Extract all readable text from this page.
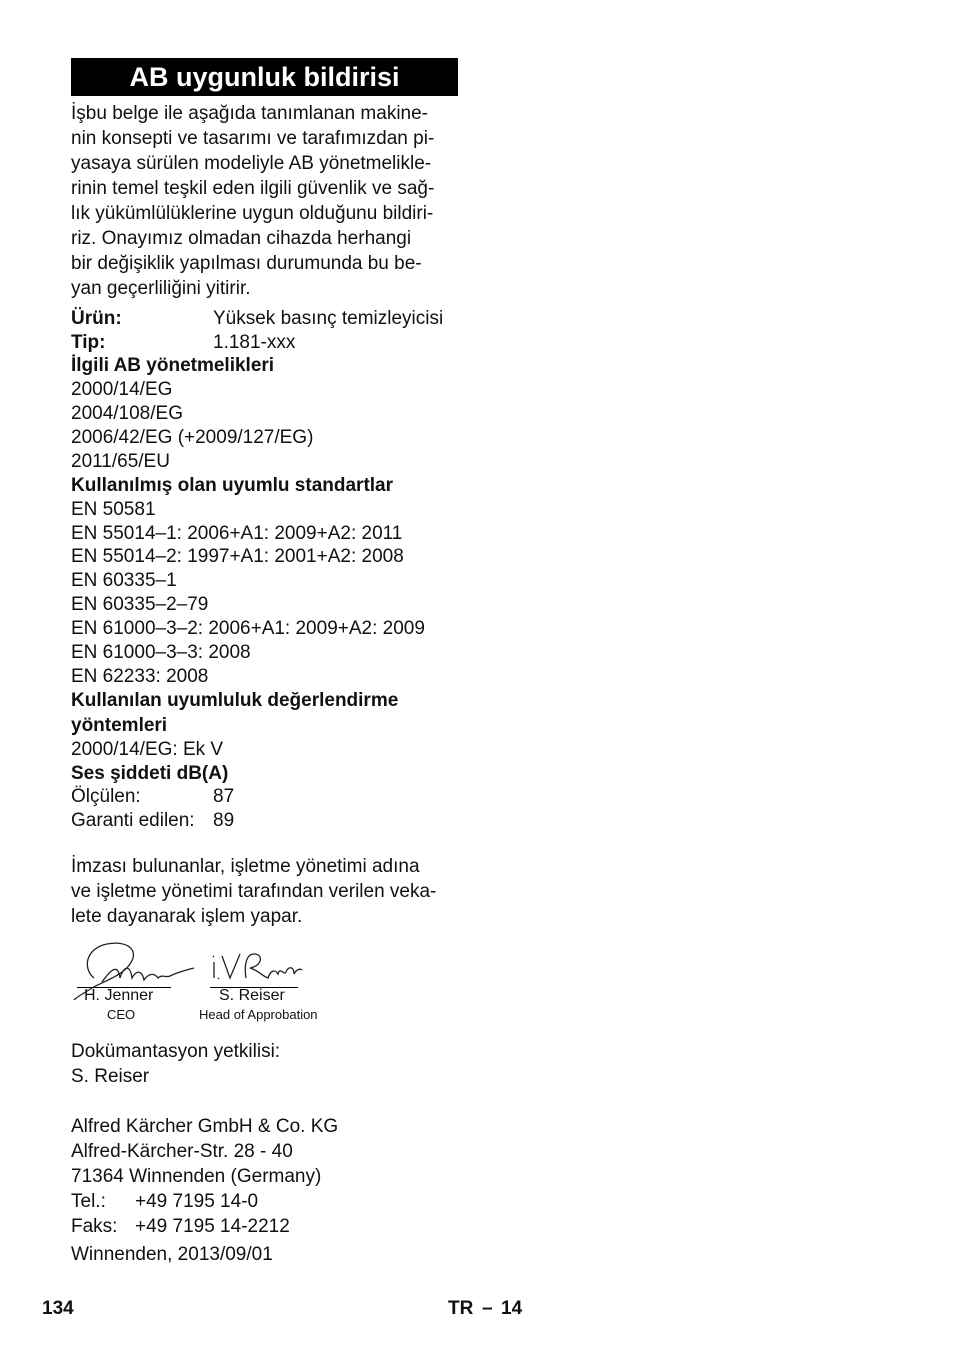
AB uygunluk bildirisi
İşbu belge ile aşağıda tanımlanan makine-
nin konsepti ve tasarımı ve tarafımızdan pi-
yasaya sürülen modeliyle AB yönetmelikle-
rinin temel teşkil eden ilgili güvenlik ve sağ-
lık yükümlülüklerine uygun olduğunu bildiri-
riz. Onayımız olmadan cihazda herhangi
bir değişiklik yapılması durumunda bu be-
yan geçerliliğini yitirir.
Ürün:	Yüksek basınç temizleyicisi
Tip:	1.181-xxx
İlgili AB yönetmelikleri
2000/14/EG
2004/108/EG
2006/42/EG (+2009/127/EG)
2011/65/EU
Kullanılmış olan uyumlu standartlar
EN 50581
EN 55014–1: 2006+A1: 2009+A2: 2011
EN 55014–2: 1997+A1: 2001+A2: 2008
EN 60335–1
EN 60335–2–79
EN 61000–3–2: 2006+A1: 2009+A2: 2009
EN 61000–3–3: 2008
EN 62233: 2008
Kullanılan uyumluluk değerlendirme
yöntemleri
2000/14/EG: Ek V
Ses şiddeti dB(A)
Ölçülen:	87
Garanti edilen: 89
İmzası bulunanlar, işletme yönetimi adına
ve işletme yönetimi tarafından verilen veka-
lete dayanarak işlem yapar.
H. Jenner	S. Reiser
CEO	Head of Approbation
Dokümantasyon yetkilisi:
S. Reiser
Alfred Kärcher GmbH & Co. KG
Alfred-Kärcher-Str. 28 - 40
71364 Winnenden (Germany)
Tel.: +49 7195 14-0
Faks: +49 7195 14-2212
Winnenden, 2013/09/01
134	TR – 14
